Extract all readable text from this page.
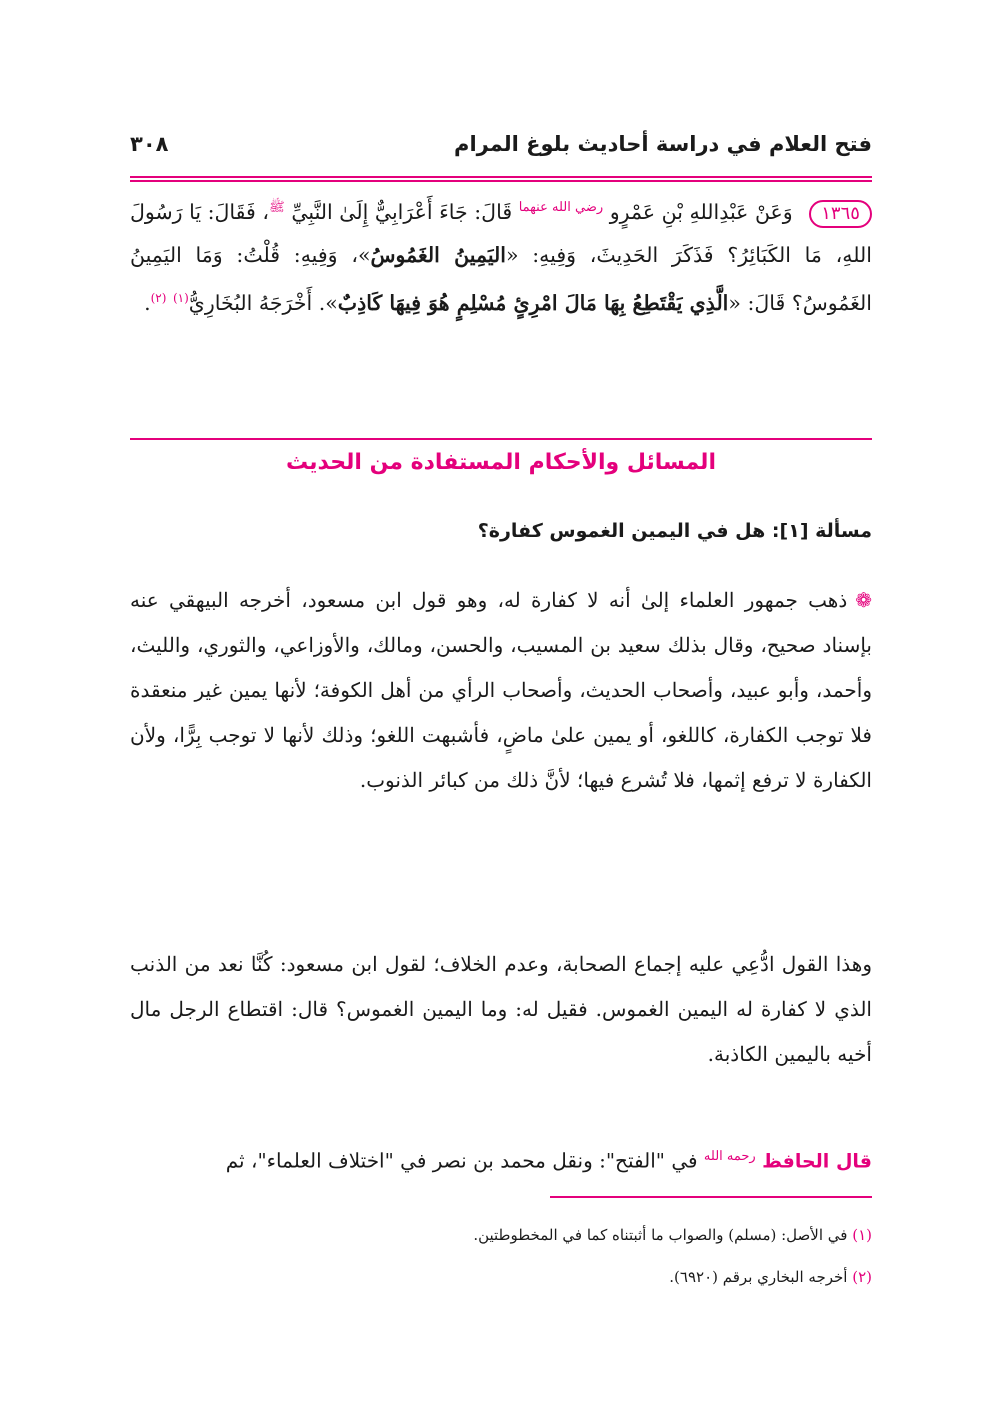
فتح العلام في دراسة أحاديث بلوغ المرام
٣٠٨
١٣٦٥ وَعَنْ عَبْدِاللهِ بْنِ عَمْرٍو $^{رضي الله عنهما}$ قَالَ: جَاءَ أَعْرَابِيٌّ إِلَىٰ النَّبِيِّ $^ﷺ$، فَقَالَ: يَا رَسُولَ اللهِ، مَا الكَبَائِرُ؟ فَذَكَرَ الحَدِيثَ، وَفِيهِ: «اليَمِينُ الغَمُوسُ»، وَفِيهِ: قُلْتُ: وَمَا اليَمِينُ الغَمُوسُ؟ قَالَ: «الَّذِي يَقْتَطِعُ بِهَا مَالَ امْرِئٍ مُسْلِمٍ هُوَ فِيهَا كَاذِبٌ». أَخْرَجَهُ البُخَارِيُّ$^{(١)}$ $^{(٢)}$.
المسائل والأحكام المستفادة من الحديث
مسألة [١]: هل في اليمين الغموس كفارة؟
❁ذهب جمهور العلماء إلىٰ أنه لا كفارة له، وهو قول ابن مسعود، أخرجه البيهقي عنه بإسناد صحيح، وقال بذلك سعيد بن المسيب، والحسن، ومالك، والأوزاعي، والثوري، والليث، وأحمد، وأبو عبيد، وأصحاب الحديث، وأصحاب الرأي من أهل الكوفة؛ لأنها يمين غير منعقدة فلا توجب الكفارة، كاللغو، أو يمين علىٰ ماضٍ، فأشبهت اللغو؛ وذلك لأنها لا توجب بِرًّا، ولأن الكفارة لا ترفع إثمها، فلا تُشرع فيها؛ لأنَّ ذلك من كبائر الذنوب.
وهذا القول ادُّعِي عليه إجماع الصحابة، وعدم الخلاف؛ لقول ابن مسعود: كُنَّا نعد من الذنب الذي لا كفارة له اليمين الغموس. فقيل له: وما اليمين الغموس؟ قال: اقتطاع الرجل مال أخيه باليمين الكاذبة.
قال الحافظ $^{رحمه الله}$ في "الفتح": ونقل محمد بن نصر في "اختلاف العلماء"، ثم
(١) في الأصل: (مسلم) والصواب ما أثبتناه كما في المخطوطتين.
(٢) أخرجه البخاري برقم (٦٩٢٠).
